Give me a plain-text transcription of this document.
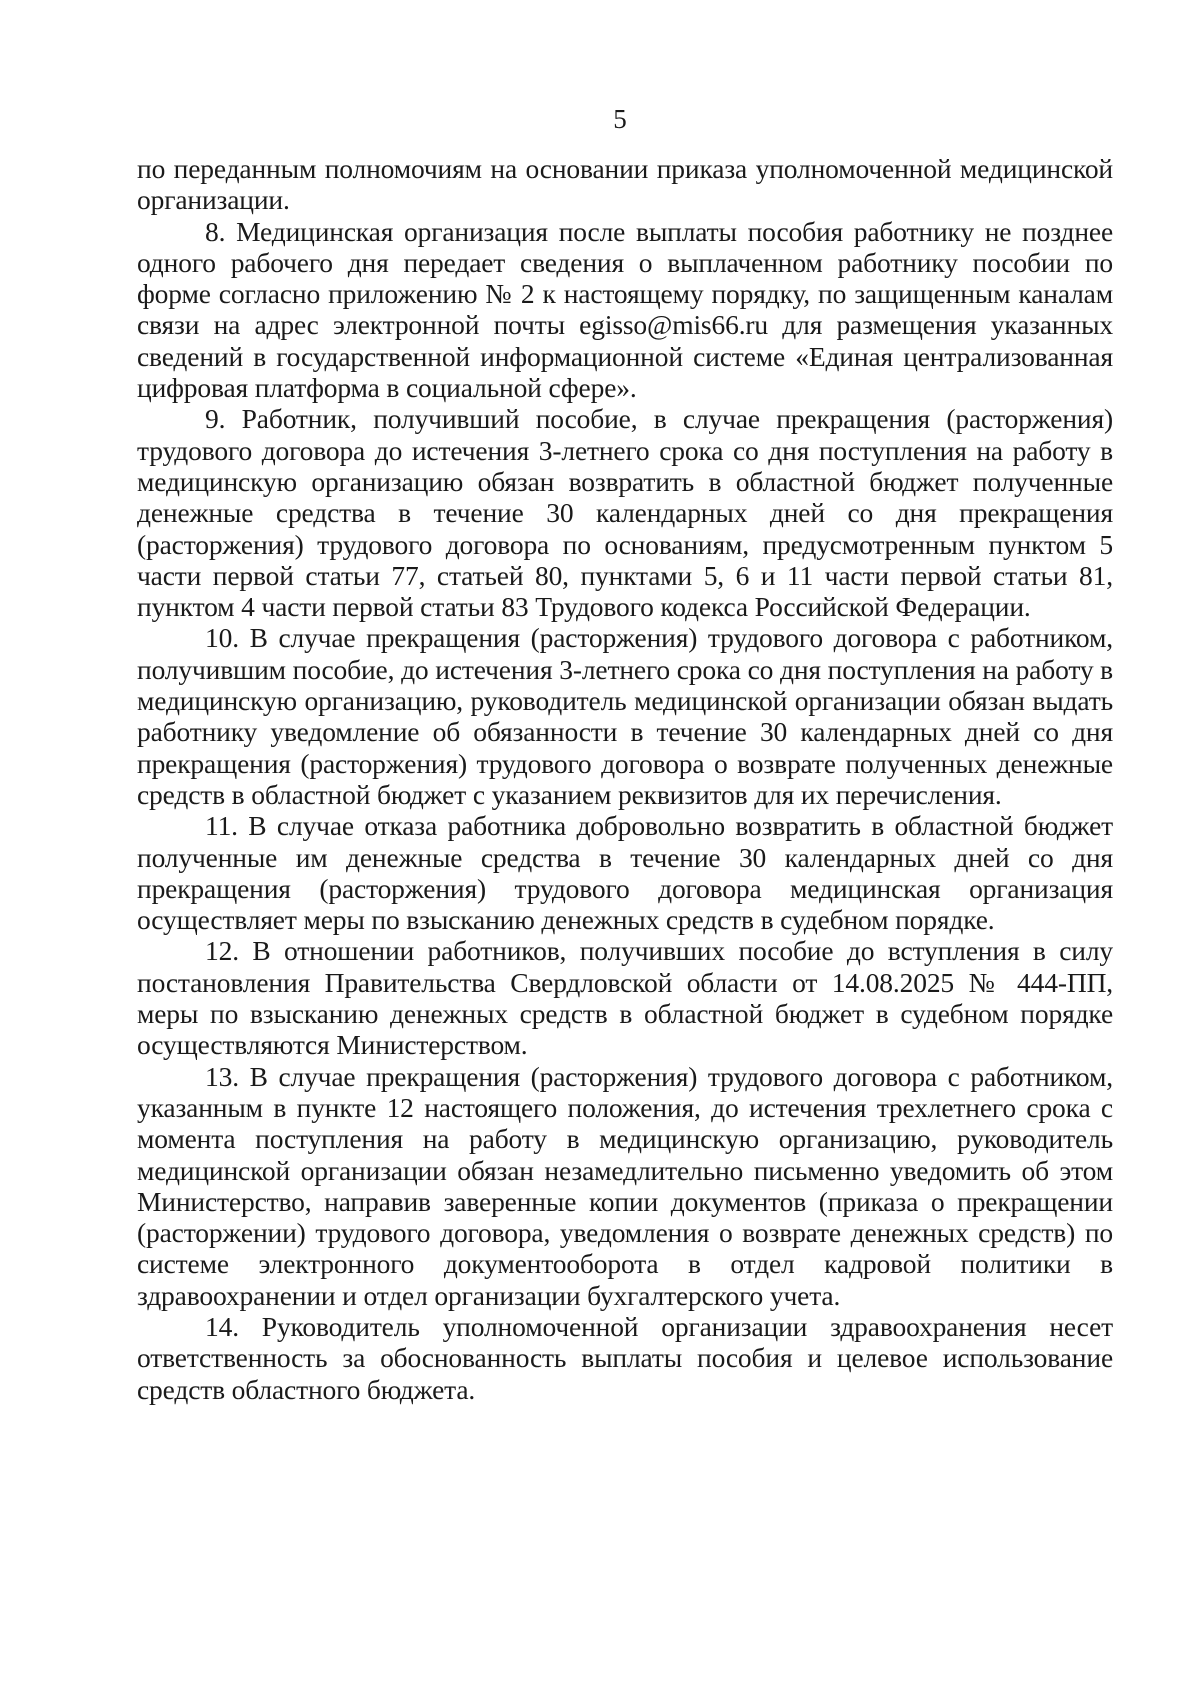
5

по переданным полномочиям на основании приказа уполномоченной медицинской организации.

8. Медицинская организация после выплаты пособия работнику не позднее одного рабочего дня передает сведения о выплаченном работнику пособии по форме согласно приложению № 2 к настоящему порядку, по защищенным каналам связи на адрес электронной почты egisso@mis66.ru для размещения указанных сведений в государственной информационной системе «Единая централизованная цифровая платформа в социальной сфере».

9. Работник, получивший пособие, в случае прекращения (расторжения) трудового договора до истечения 3-летнего срока со дня поступления на работу в медицинскую организацию обязан возвратить в областной бюджет полученные денежные средства в течение 30 календарных дней со дня прекращения (расторжения) трудового договора по основаниям, предусмотренным пунктом 5 части первой статьи 77, статьей 80, пунктами 5, 6 и 11 части первой статьи 81, пунктом 4 части первой статьи 83 Трудового кодекса Российской Федерации.

10. В случае прекращения (расторжения) трудового договора с работником, получившим пособие, до истечения 3-летнего срока со дня поступления на работу в медицинскую организацию, руководитель медицинской организации обязан выдать работнику уведомление об обязанности в течение 30 календарных дней со дня прекращения (расторжения) трудового договора о возврате полученных денежные средств в областной бюджет с указанием реквизитов для их перечисления.

11. В случае отказа работника добровольно возвратить в областной бюджет полученные им денежные средства в течение 30 календарных дней со дня прекращения (расторжения) трудового договора медицинская организация осуществляет меры по взысканию денежных средств в судебном порядке.

12. В отношении работников, получивших пособие до вступления в силу постановления Правительства Свердловской области от 14.08.2025 № 444-ПП, меры по взысканию денежных средств в областной бюджет в судебном порядке осуществляются Министерством.

13. В случае прекращения (расторжения) трудового договора с работником, указанным в пункте 12 настоящего положения, до истечения трехлетнего срока с момента поступления на работу в медицинскую организацию, руководитель медицинской организации обязан незамедлительно письменно уведомить об этом Министерство, направив заверенные копии документов (приказа о прекращении (расторжении) трудового договора, уведомления о возврате денежных средств) по системе электронного документооборота в отдел кадровой политики в здравоохранении и отдел организации бухгалтерского учета.

14. Руководитель уполномоченной организации здравоохранения несет ответственность за обоснованность выплаты пособия и целевое использование средств областного бюджета.
